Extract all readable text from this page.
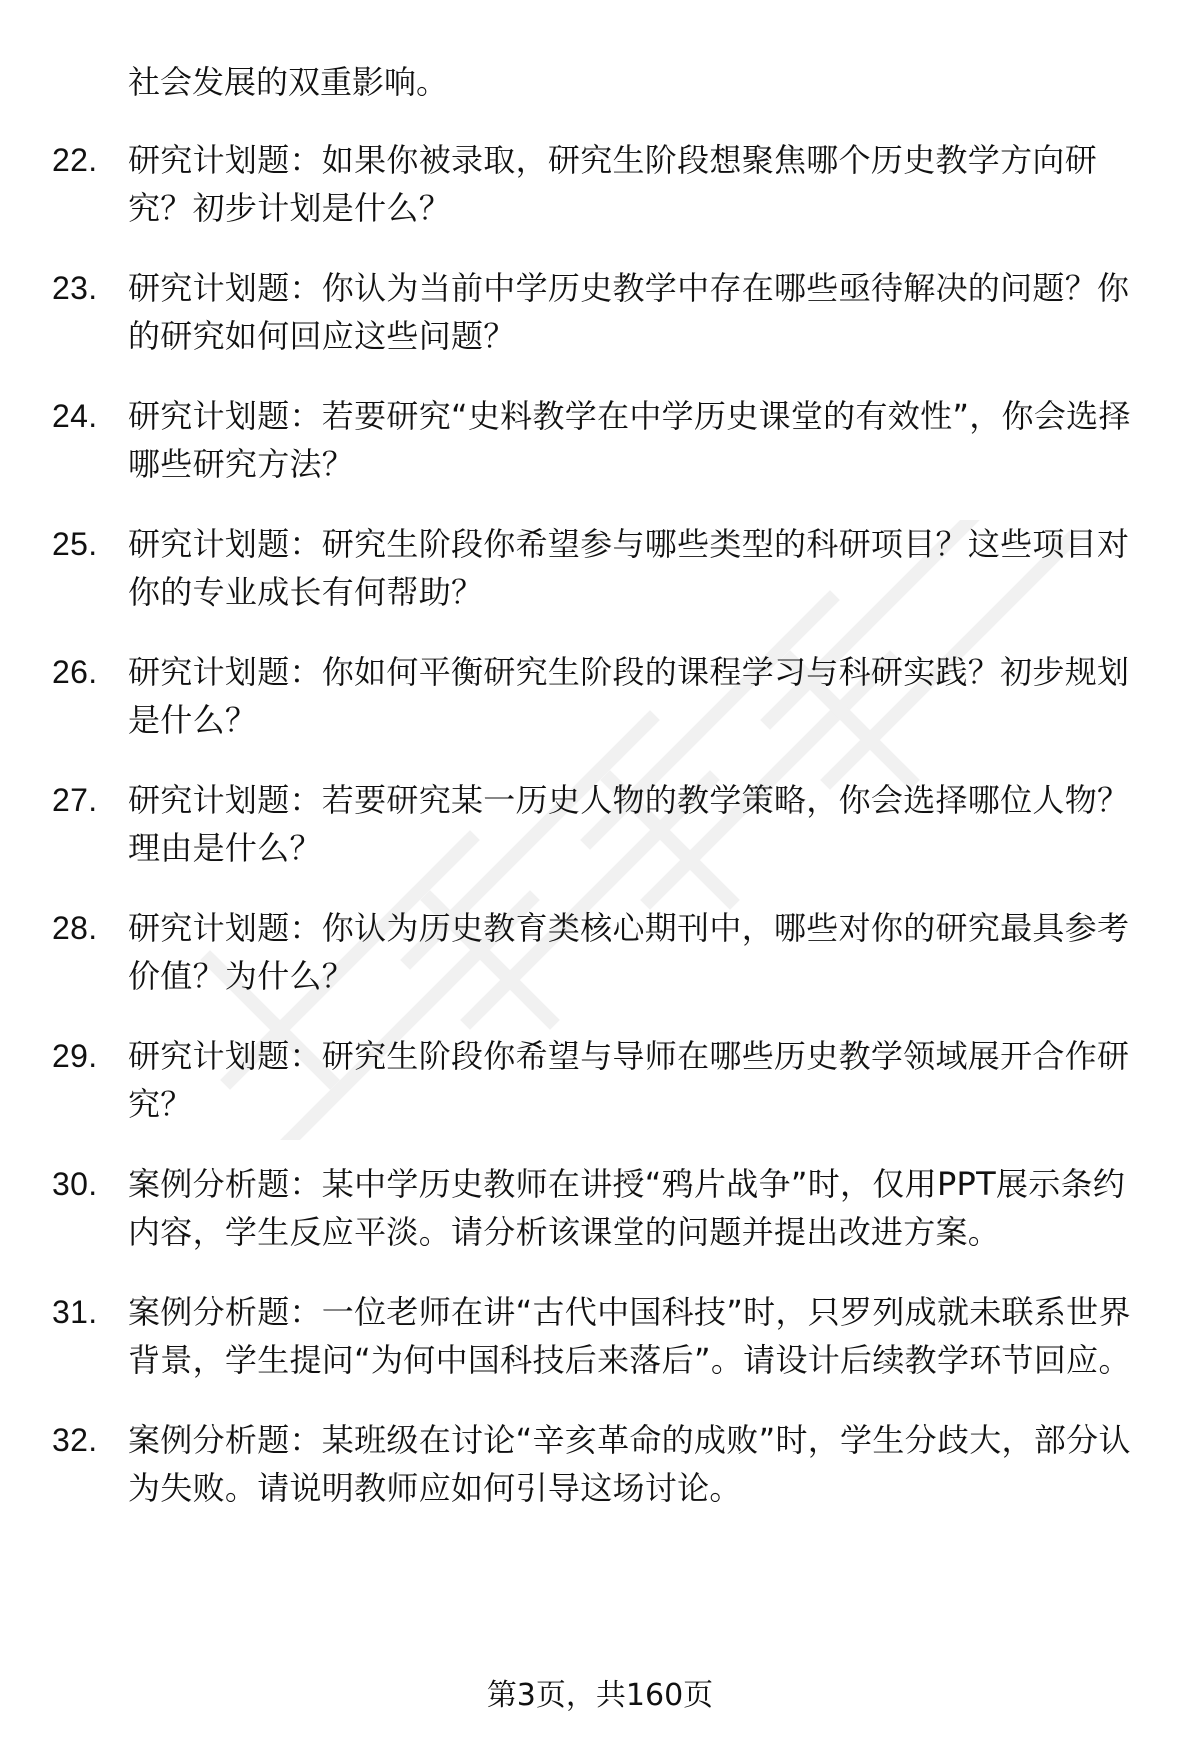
社会发展的双重影响。

22. 研究计划题：如果你被录取，研究生阶段想聚焦哪个历史教学方向研究？初步计划是什么？
23. 研究计划题：你认为当前中学历史教学中存在哪些亟待解决的问题？你的研究如何回应这些问题？
24. 研究计划题：若要研究“史料教学在中学历史课堂的有效性”，你会选择哪些研究方法？
25. 研究计划题：研究生阶段你希望参与哪些类型的科研项目？这些项目对你的专业成长有何帮助？
26. 研究计划题：你如何平衡研究生阶段的课程学习与科研实践？初步规划是什么？
27. 研究计划题：若要研究某一历史人物的教学策略，你会选择哪位人物？理由是什么？
28. 研究计划题：你认为历史教育类核心期刊中，哪些对你的研究最具参考价值？为什么？
29. 研究计划题：研究生阶段你希望与导师在哪些历史教学领域展开合作研究？
30. 案例分析题：某中学历史教师在讲授“鸦片战争”时，仅用PPT展示条约内容，学生反应平淡。请分析该课堂的问题并提出改进方案。
31. 案例分析题：一位老师在讲“古代中国科技”时，只罗列成就未联系世界背景，学生提问“为何中国科技后来落后”。请设计后续教学环节回应。
32. 案例分析题：某班级在讨论“辛亥革命的成败”时，学生分歧大，部分认为失败。请说明教师应如何引导这场讨论。
第3页，共160页
